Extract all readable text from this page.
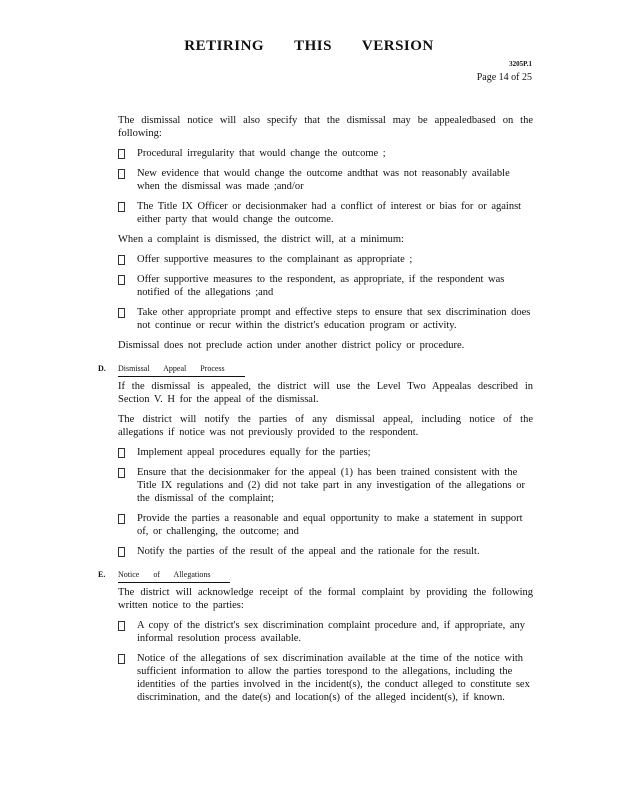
RETIRING THIS VERSION
3205P.1
Page 14 of 25

The dismissal notice will also specify that the dismissal may be appealedbased on the following:

Procedural irregularity that would change the outcome ;
New evidence that would change the outcome andthat was not reasonably available when the dismissal was made ;and/or
The Title IX Officer or decisionmaker had a conflict of interest or bias for or against either party that would change the outcome.

When a complaint is dismissed, the district will, at a minimum:

Offer supportive measures to the complainant as appropriate ;
Offer supportive measures to the respondent, as appropriate, if the respondent was notified of the allegations ;and
Take other appropriate prompt and effective steps to ensure that sex discrimination does not continue or recur within the district's education program or activity.

Dismissal does not preclude action under another district policy or procedure.

D. Dismissal Appeal Process

If the dismissal is appealed, the district will use the Level Two Appealas described in Section V. H for the appeal of the dismissal.

The district will notify the parties of any dismissal appeal, including notice of the allegations if notice was not previously provided to the respondent.

Implement appeal procedures equally for the parties;
Ensure that the decisionmaker for the appeal (1) has been trained consistent with the Title IX regulations and (2) did not take part in any investigation of the allegations or the dismissal of the complaint;
Provide the parties a reasonable and equal opportunity to make a statement in support of, or challenging, the outcome; and
Notify the parties of the result of the appeal and the rationale for the result.
E. Notice of Allegations

The district will acknowledge receipt of the formal complaint by providing the following written notice to the parties:

A copy of the district's sex discrimination complaint procedure and, if appropriate, any informal resolution process available.
Notice of the allegations of sex discrimination available at the time of the notice with sufficient information to allow the parties torespond to the allegations, including the identities of the parties involved in the incident(s), the conduct alleged to constitute sex discrimination, and the date(s) and location(s) of the alleged incident(s), if known.
